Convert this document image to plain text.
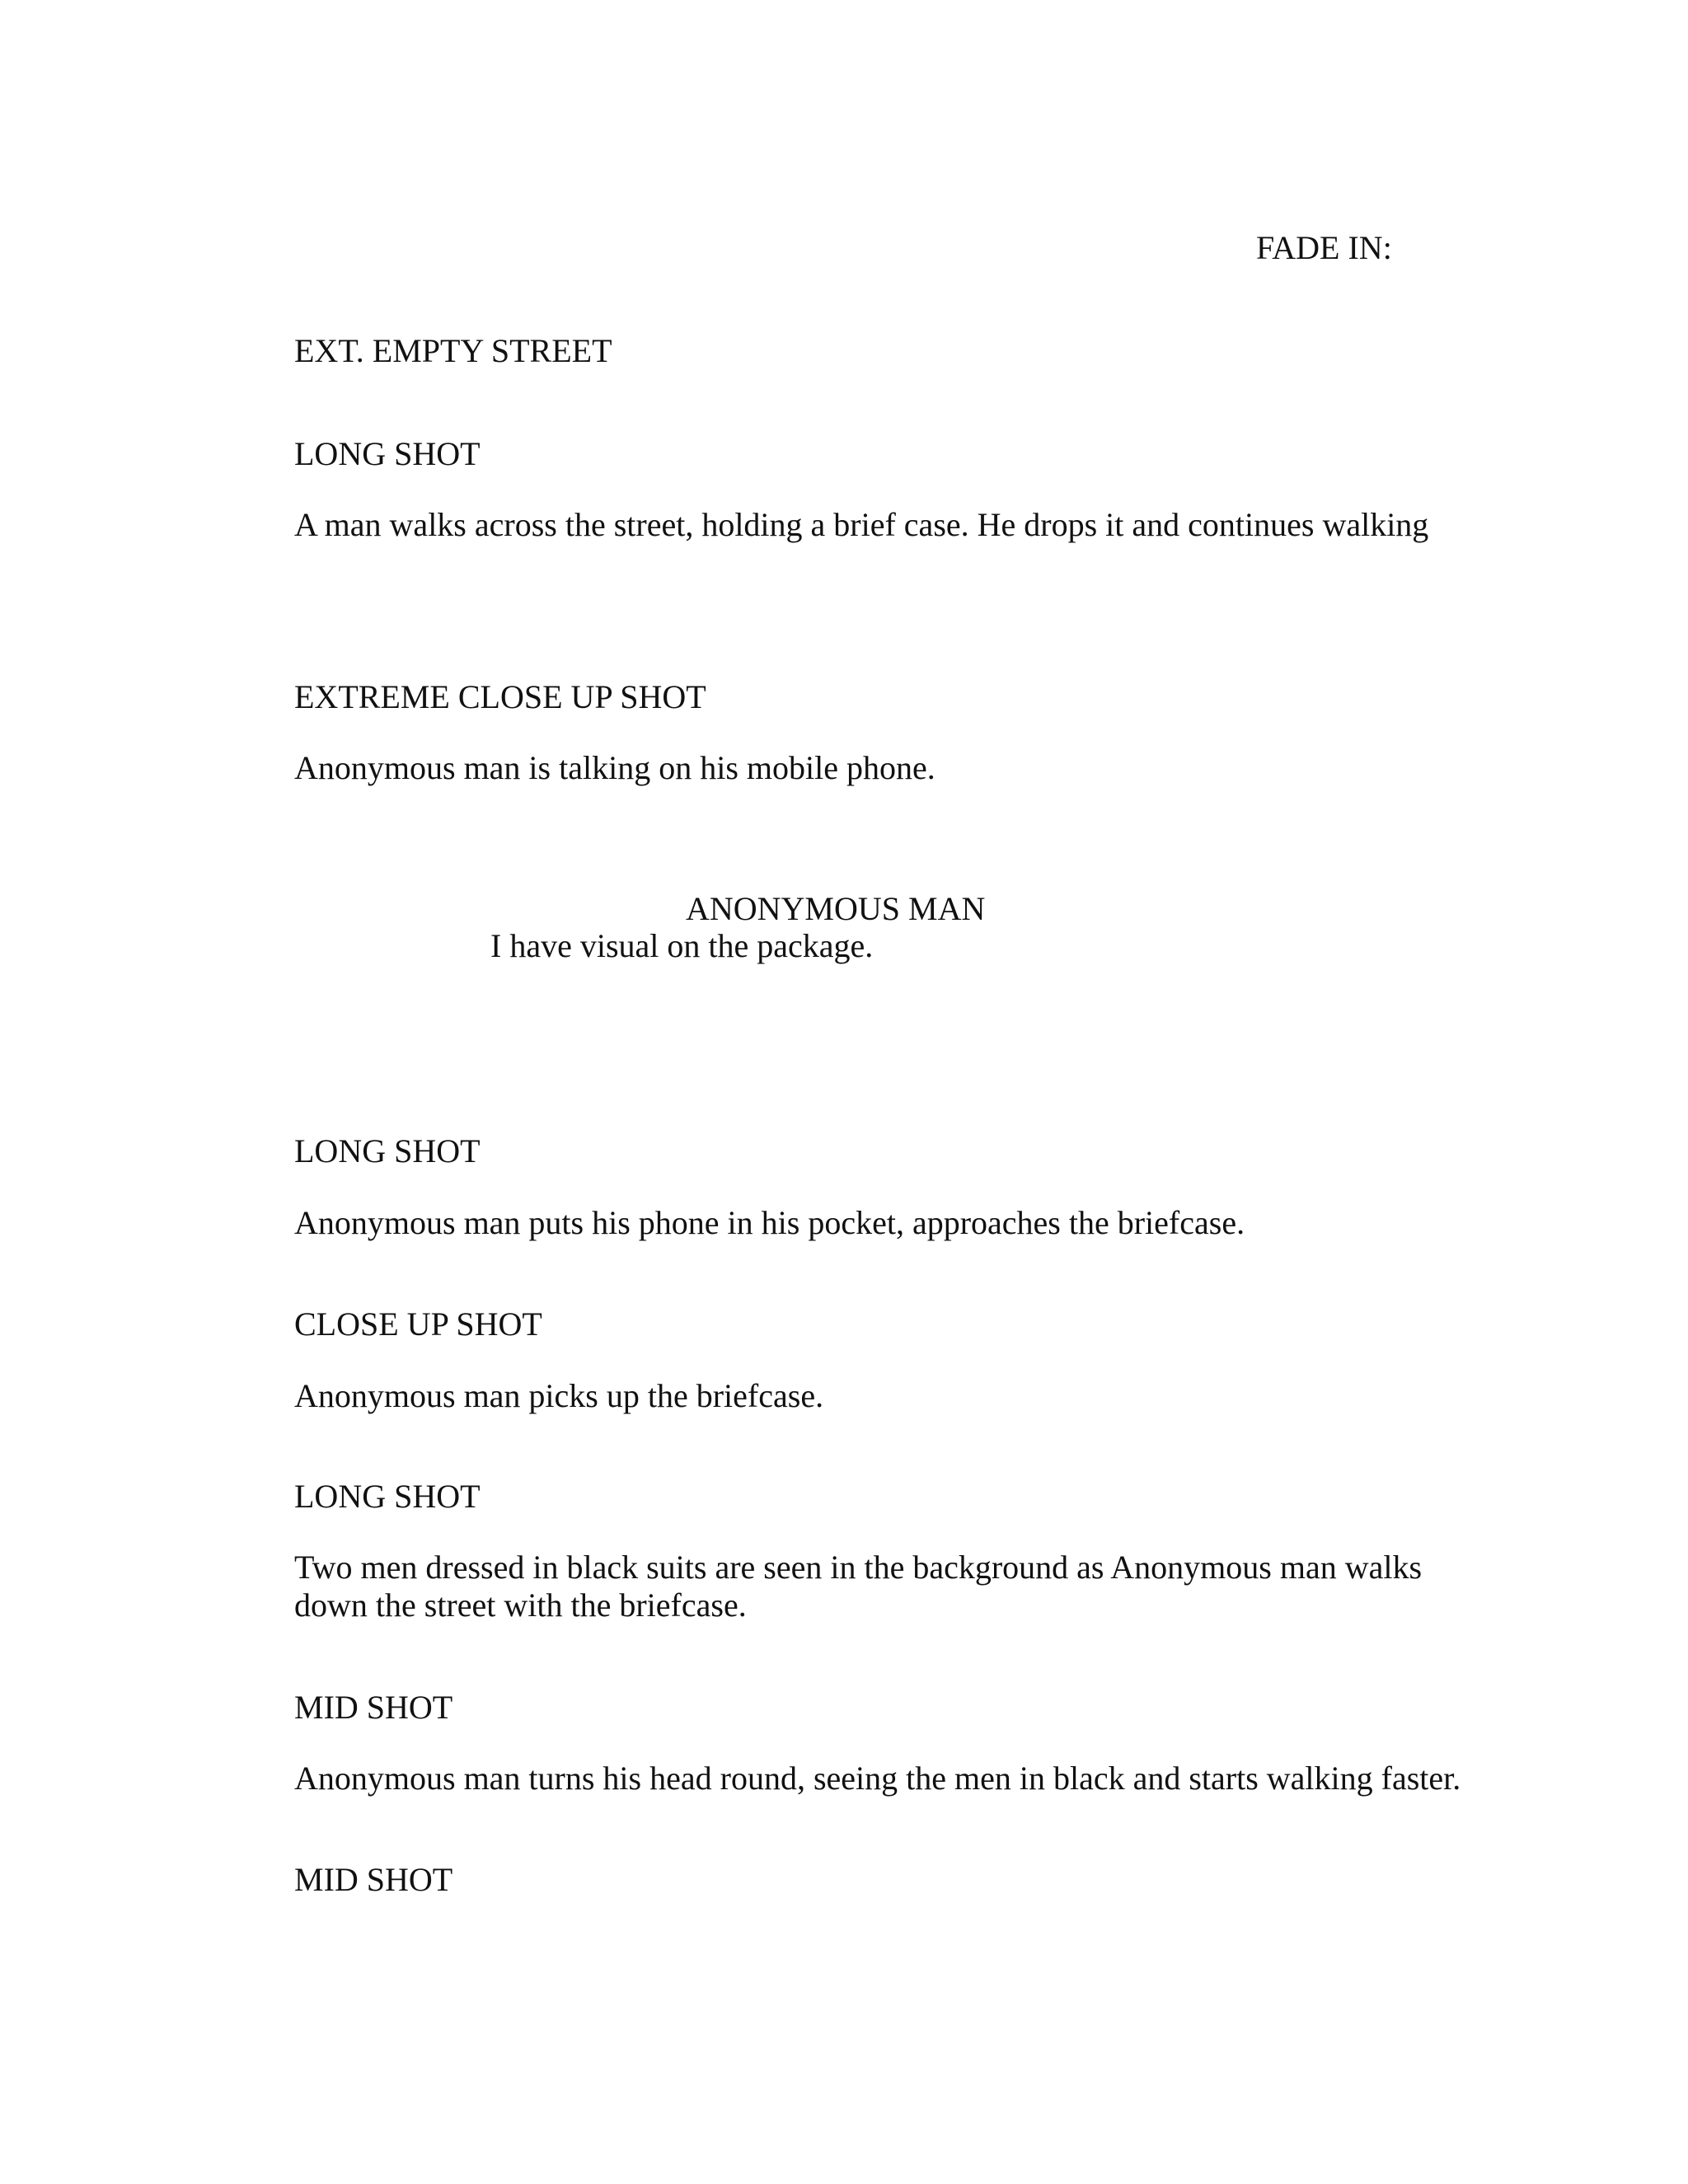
FADE IN:

EXT. EMPTY STREET

LONG SHOT

A man walks across the street, holding a brief case. He drops it and continues walking

EXTREME CLOSE UP SHOT

Anonymous man is talking on his mobile phone.

ANONYMOUS MAN

I have visual on the package.

LONG SHOT

Anonymous man puts his phone in his pocket, approaches the briefcase.

CLOSE UP SHOT

Anonymous man picks up the briefcase.

LONG SHOT

Two men dressed in black suits are seen in the background as Anonymous man walks down the street with the briefcase.

MID SHOT

Anonymous man turns his head round, seeing the men in black and starts walking faster.

MID SHOT
